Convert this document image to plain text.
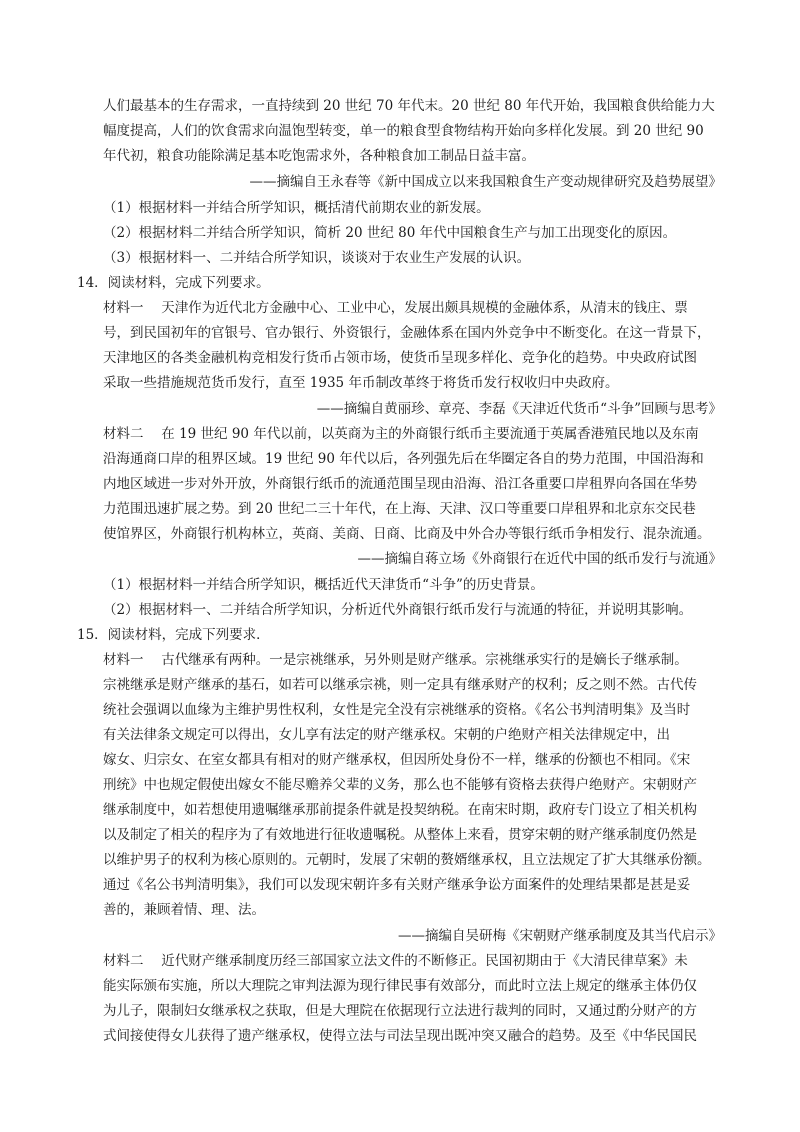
人们最基本的生存需求，一直持续到 20 世纪 70 年代末。20 世纪 80 年代开始，我国粮食供给能力大
幅度提高，人们的饮食需求向温饱型转变，单一的粮食型食物结构开始向多样化发展。到 20 世纪 90
年代初，粮食功能除满足基本吃饱需求外，各种粮食加工制品日益丰富。
——摘编自王永春等《新中国成立以来我国粮食生产变动规律研究及趋势展望》
（1）根据材料一并结合所学知识，概括清代前期农业的新发展。
（2）根据材料二并结合所学知识，简析 20 世纪 80 年代中国粮食生产与加工出现变化的原因。
（3）根据材料一、二并结合所学知识，谈谈对于农业生产发展的认识。
14．阅读材料，完成下列要求。
材料一　 天津作为近代北方金融中心、工业中心，发展出颇具规模的金融体系，从清末的钱庄、票
号，到民国初年的官银号、官办银行、外资银行，金融体系在国内外竞争中不断变化。在这一背景下，
天津地区的各类金融机构竞相发行货币占领市场，使货币呈现多样化、竞争化的趋势。中央政府试图
采取一些措施规范货币发行，直至 1935 年币制改革终于将货币发行权收归中央政府。
——摘编自黄丽珍、章亮、李磊《天津近代货币“斗争”回顾与思考》
材料二　 在 19 世纪 90 年代以前，以英商为主的外商银行纸币主要流通于英属香港殖民地以及东南
沿海通商口岸的租界区域。19 世纪 90 年代以后，各列强先后在华圈定各自的势力范围，中国沿海和
内地区域进一步对外开放，外商银行纸币的流通范围呈现由沿海、沿江各重要口岸租界向各国在华势
力范围迅速扩展之势。到 20 世纪二三十年代，在上海、天津、汉口等重要口岸租界和北京东交民巷
使馆界区，外商银行机构林立，英商、美商、日商、比商及中外合办等银行纸币争相发行、混杂流通。
——摘编自蒋立场《外商银行在近代中国的纸币发行与流通》
（1）根据材料一并结合所学知识，概括近代天津货币“斗争”的历史背景。
（2）根据材料一、二并结合所学知识，分析近代外商银行纸币发行与流通的特征，并说明其影响。
15．阅读材料，完成下列要求．
材料一　 古代继承有两种。一是宗祧继承，另外则是财产继承。宗祧继承实行的是嫡长子继承制。
宗祧继承是财产继承的基石，如若可以继承宗祧，则一定具有继承财产的权利；反之则不然。古代传
统社会强调以血缘为主维护男性权利，女性是完全没有宗祧继承的资格。《名公书判清明集》及当时
有关法律条文规定可以得出，女儿享有法定的财产继承权。宋朝的户绝财产相关法律规定中，出
嫁女、归宗女、在室女都具有相对的财产继承权，但因所处身份不一样，继承的份额也不相同。《宋
刑统》中也规定假使出嫁女不能尽赡养父辈的义务，那么也不能够有资格去获得户绝财产。宋朝财产
继承制度中，如若想使用遗嘱继承那前提条件就是投契纳税。在南宋时期，政府专门设立了相关机构
以及制定了相关的程序为了有效地进行征收遗嘱税。从整体上来看，贯穿宋朝的财产继承制度仍然是
以维护男子的权利为核心原则的。元朝时，发展了宋朝的赘婿继承权，且立法规定了扩大其继承份额。
通过《名公书判清明集》，我们可以发现宋朝许多有关财产继承争讼方面案件的处理结果都是甚是妥
善的，兼顾着情、理、法。
——摘编自吴研梅《宋朝财产继承制度及其当代启示》
材料二　 近代财产继承制度历经三部国家立法文件的不断修正。民国初期由于《大清民律草案》未
能实际颁布实施，所以大理院之审判法源为现行律民事有效部分，而此时立法上规定的继承主体仍仅
为儿子，限制妇女继承权之获取，但是大理院在依据现行立法进行裁判的同时，又通过酌分财产的方
式间接使得女儿获得了遗产继承权，使得立法与司法呈现出既冲突又融合的趋势。及至《中华民国民
